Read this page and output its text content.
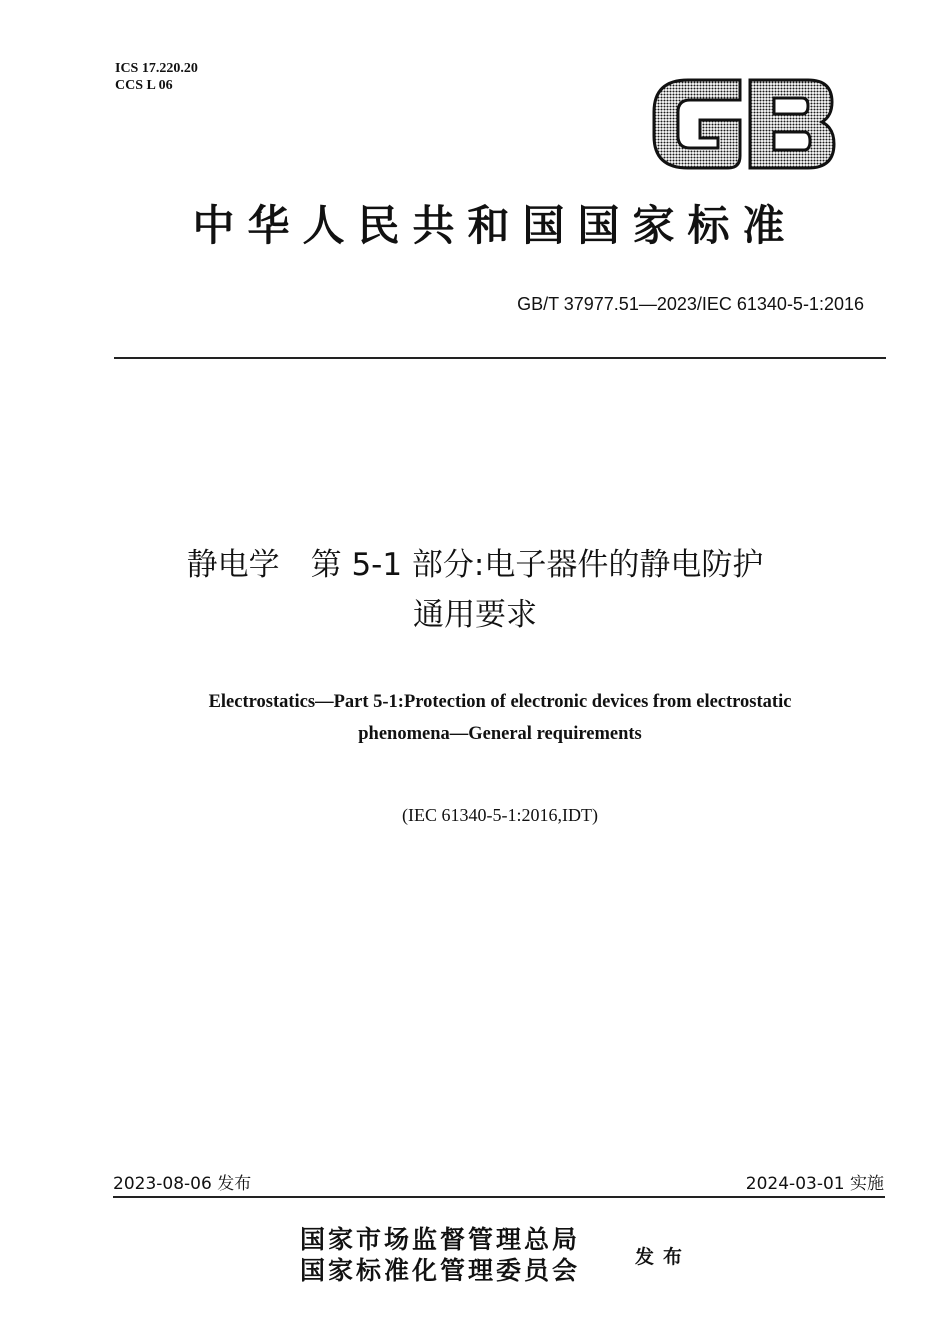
ICS 17.220.20
CCS L 06
中华人民共和国国家标准
GB/T 37977.51—2023/IEC 61340-5-1:2016
静电学　第 5-1 部分:电子器件的静电防护
通用要求
Electrostatics—Part 5-1:Protection of electronic devices from electrostatic
phenomena—General requirements
(IEC 61340-5-1:2016,IDT)
2023-08-06 发布	2024-03-01 实施
国家市场监督管理总局
国家标准化管理委员会	发布
